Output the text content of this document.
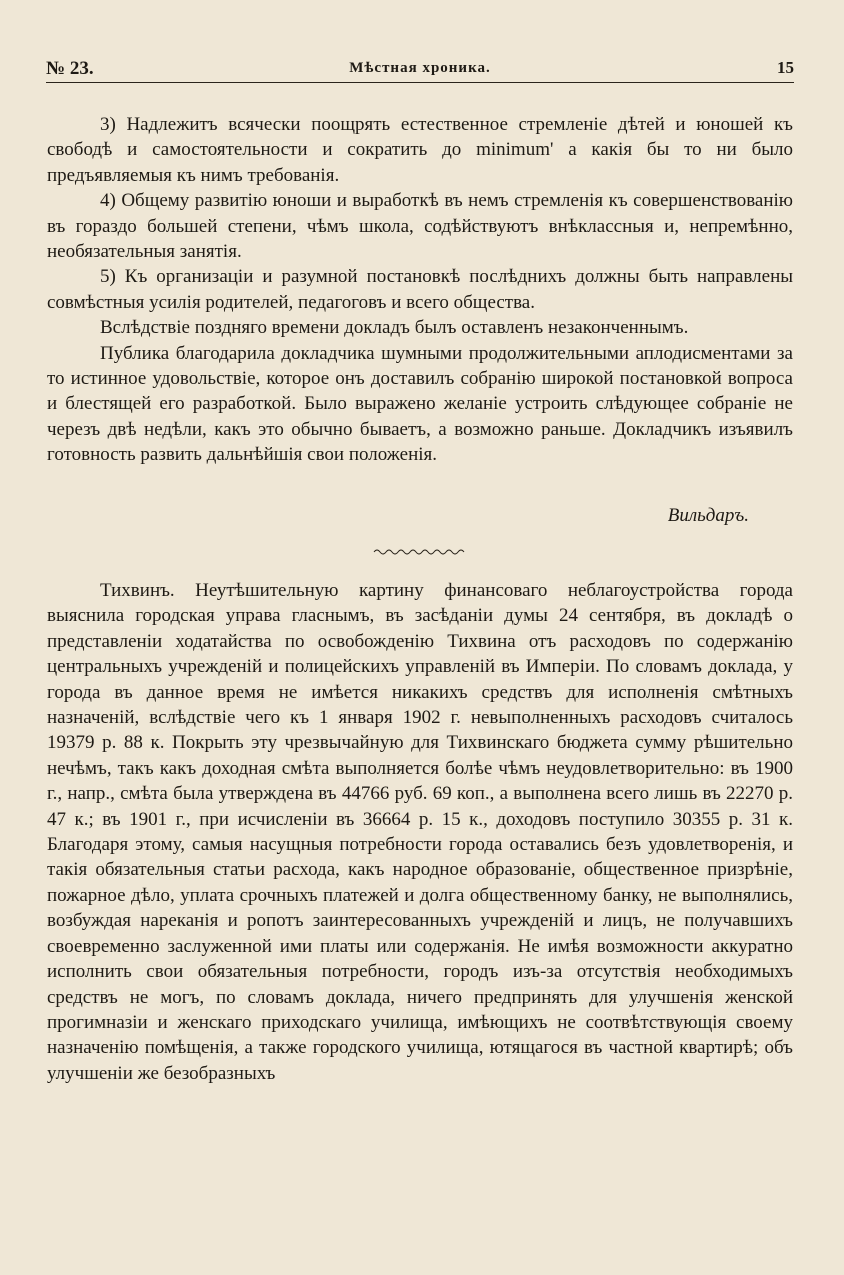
№ 23.	Мѣстная хроника.	15

3) Надлежитъ всячески поощрять естественное стремленіе дѣтей и юношей къ свободѣ и самостоятельности и сократить до minimum' а какія бы то ни было предъявляемыя къ нимъ требованія.

4) Общему развитію юноши и выработкѣ въ немъ стремленія къ совершенствованію въ гораздо большей степени, чѣмъ школа, содѣйствуютъ внѣклассныя и, непремѣнно, необязательныя занятія.

5) Къ организаціи и разумной постановкѣ послѣднихъ должны быть направлены совмѣстныя усилія родителей, педагоговъ и всего общества.

Вслѣдствіе поздняго времени докладъ былъ оставленъ незаконченнымъ.

Публика благодарила докладчика шумными продолжительными аплодисментами за то истинное удовольствіе, которое онъ доставилъ собранію широкой постановкой вопроса и блестящей его разработкой. Было выражено желаніе устроить слѣдующее собраніе не черезъ двѣ недѣли, какъ это обычно бываетъ, а возможно раньше. Докладчикъ изъявилъ готовность развить дальнѣйшія свои положенія.

Вильдаръ.

Тихвинъ. Неутѣшительную картину финансоваго неблагоустройства города выяснила городская управа гласнымъ, въ засѣданіи думы 24 сентября, въ докладѣ о представленіи ходатайства по освобожденію Тихвина отъ расходовъ по содержанію центральныхъ учрежденій и полицейскихъ управленій въ Имперіи. По словамъ доклада, у города въ данное время не имѣется никакихъ средствъ для исполненія смѣтныхъ назначеній, вслѣдствіе чего къ 1 января 1902 г. невыполненныхъ расходовъ считалось 19379 р. 88 к. Покрыть эту чрезвычайную для Тихвинскаго бюджета сумму рѣшительно нечѣмъ, такъ какъ доходная смѣта выполняется болѣе чѣмъ неудовлетворительно: въ 1900 г., напр., смѣта была утверждена въ 44766 руб. 69 коп., а выполнена всего лишь въ 22270 р. 47 к.; въ 1901 г., при исчисленіи въ 36664 р. 15 к., доходовъ поступило 30355 р. 31 к. Благодаря этому, самыя насущныя потребности города оставались безъ удовлетворенія, и такія обязательныя статьи расхода, какъ народное образованіе, общественное призрѣніе, пожарное дѣло, уплата срочныхъ платежей и долга общественному банку, не выполнялись, возбуждая нареканія и ропотъ заинтересованныхъ учрежденій и лицъ, не получавшихъ своевременно заслуженной ими платы или содержанія. Не имѣя возможности аккуратно исполнить свои обязательныя потребности, городъ изъ-за отсутствія необходимыхъ средствъ не могъ, по словамъ доклада, ничего предпринять для улучшенія женской прогимназіи и женскаго приходскаго училища, имѣющихъ не соотвѣтствующія своему назначенію помѣщенія, а также городского училища, ютящагося въ частной квартирѣ; объ улучшеніи же безобразныхъ
